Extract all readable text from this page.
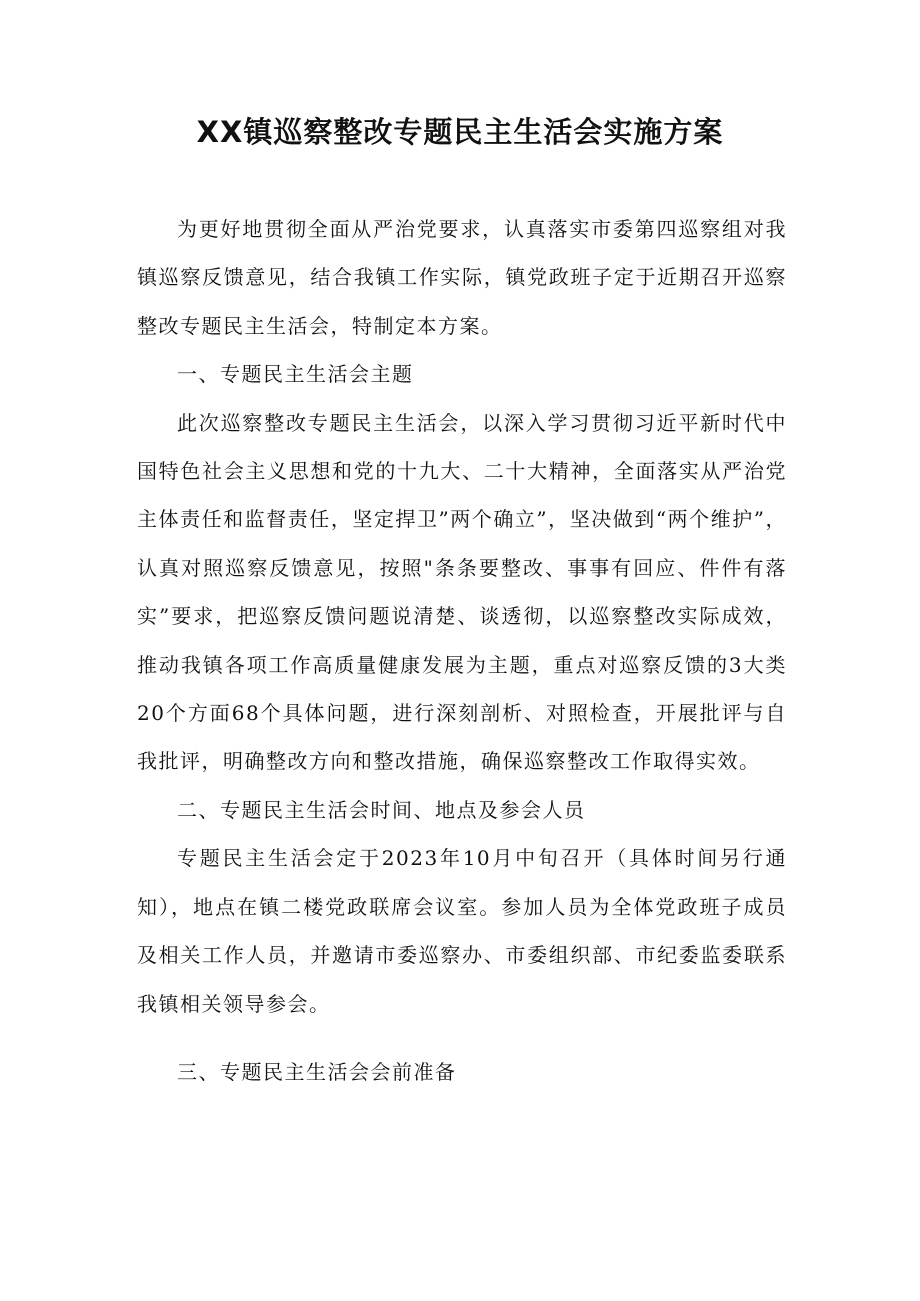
XX镇巡察整改专题民主生活会实施方案

为更好地贯彻全面从严治党要求，认真落实市委第四巡察组对我镇巡察反馈意见，结合我镇工作实际，镇党政班子定于近期召开巡察整改专题民主生活会，特制定本方案。

一、专题民主生活会主题

此次巡察整改专题民主生活会，以深入学习贯彻习近平新时代中国特色社会主义思想和党的十九大、二十大精神，全面落实从严治党主体责任和监督责任，坚定捍卫”两个确立”，坚决做到“两个维护”，认真对照巡察反馈意见，按照"条条要整改、事事有回应、件件有落实”要求，把巡察反馈问题说清楚、谈透彻，以巡察整改实际成效，推动我镇各项工作高质量健康发展为主题，重点对巡察反馈的3大类20个方面68个具体问题，进行深刻剖析、对照检查，开展批评与自我批评，明确整改方向和整改措施，确保巡察整改工作取得实效。

二、专题民主生活会时间、地点及参会人员

专题民主生活会定于2023年10月中旬召开（具体时间另行通知），地点在镇二楼党政联席会议室。参加人员为全体党政班子成员及相关工作人员，并邀请市委巡察办、市委组织部、市纪委监委联系我镇相关领导参会。

三、专题民主生活会会前准备
